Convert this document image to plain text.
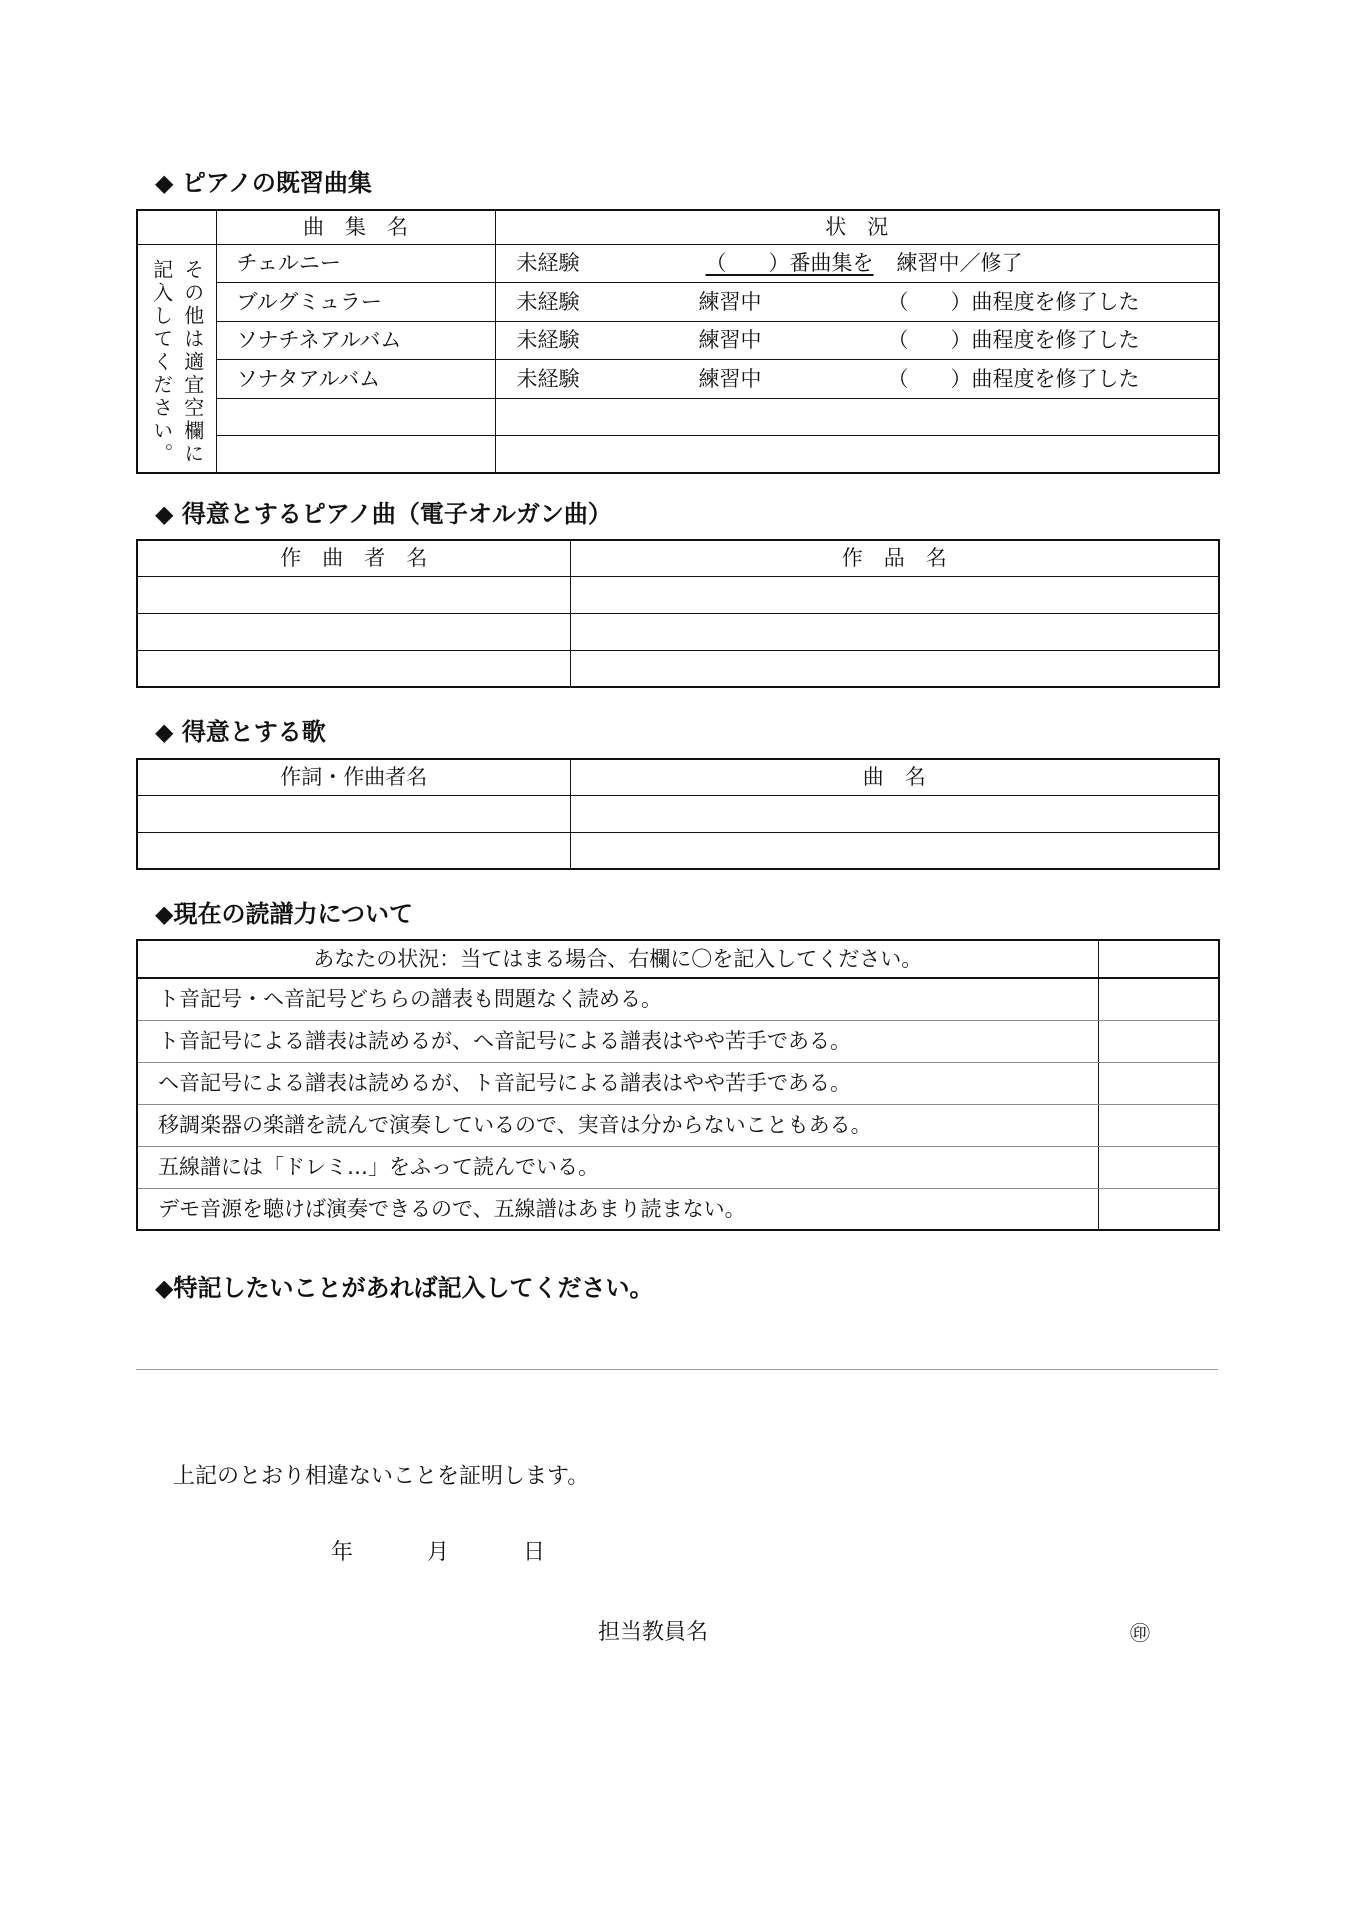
◆ ピアノの既習曲集
	曲　集　名	状　況

その他は適宜空欄に
記入してください。	チェルニー	未経験 （　　）番曲集を 練習中／修了

	ブルグミュラー	未経験 練習中 （　　）曲程度を修了した

	ソナチネアルバム	未経験 練習中 （　　）曲程度を修了した

	ソナタアルバム	未経験 練習中 （　　）曲程度を修了した

◆ 得意とするピアノ曲（電子オルガン曲）
作　曲　者　名	作　品　名

◆ 得意とする歌
作詞・作曲者名	曲　名

◆現在の読譜力について
あなたの状況：当てはまる場合、右欄に〇を記入してください。	
ト音記号・ヘ音記号どちらの譜表も問題なく読める。	
ト音記号による譜表は読めるが、ヘ音記号による譜表はやや苦手である。	
ヘ音記号による譜表は読めるが、ト音記号による譜表はやや苦手である。	
移調楽器の楽譜を読んで演奏しているので、実音は分からないこともある。	
五線譜には「ドレミ…」をふって読んでいる。	
デモ音源を聴けば演奏できるので、五線譜はあまり読まない。	
◆特記したいことがあれば記入してください。
上記のとおり相違ないことを証明します。
年	月	日
担当教員名	㊞
